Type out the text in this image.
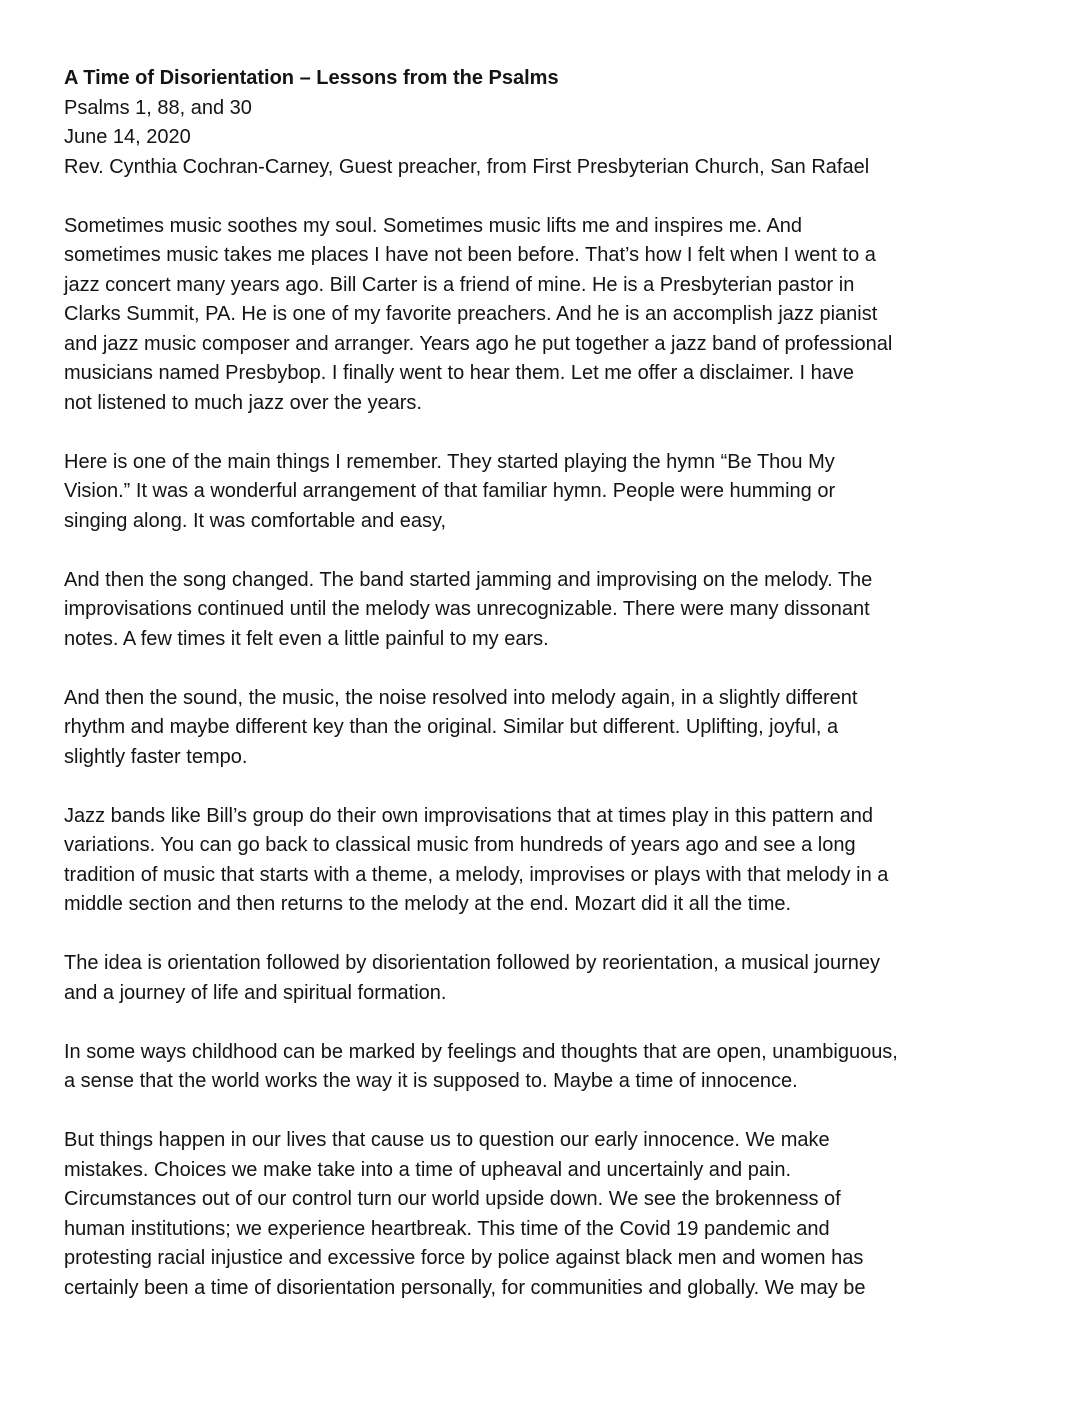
A Time of Disorientation – Lessons from the Psalms
Psalms 1, 88, and 30
June 14, 2020
Rev. Cynthia Cochran-Carney, Guest preacher, from First Presbyterian Church, San Rafael

Sometimes music soothes my soul. Sometimes music lifts me and inspires me. And
sometimes music takes me places I have not been before. That’s how I felt when I went to a
jazz concert many years ago. Bill Carter is a friend of mine. He is a Presbyterian pastor in
Clarks Summit, PA. He is one of my favorite preachers. And he is an accomplish jazz pianist
and jazz music composer and arranger. Years ago he put together a jazz band of professional
musicians named Presbybop. I finally went to hear them. Let me offer a disclaimer. I have
not listened to much jazz over the years.

Here is one of the main things I remember. They started playing the hymn “Be Thou My
Vision.” It was a wonderful arrangement of that familiar hymn. People were humming or
singing along. It was comfortable and easy,

And then the song changed. The band started jamming and improvising on the melody. The
improvisations continued until the melody was unrecognizable. There were many dissonant
notes. A few times it felt even a little painful to my ears.

And then the sound, the music, the noise resolved into melody again, in a slightly different
rhythm and maybe different key than the original. Similar but different. Uplifting, joyful, a
slightly faster tempo.

Jazz bands like Bill’s group do their own improvisations that at times play in this pattern and
variations. You can go back to classical music from hundreds of years ago and see a long
tradition of music that starts with a theme, a melody, improvises or plays with that melody in a
middle section and then returns to the melody at the end. Mozart did it all the time.

The idea is orientation followed by disorientation followed by reorientation, a musical journey
and a journey of life and spiritual formation.

In some ways childhood can be marked by feelings and thoughts that are open, unambiguous,
a sense that the world works the way it is supposed to. Maybe a time of innocence.

But things happen in our lives that cause us to question our early innocence. We make
mistakes. Choices we make take into a time of upheaval and uncertainly and pain.
Circumstances out of our control turn our world upside down. We see the brokenness of
human institutions; we experience heartbreak. This time of the Covid 19 pandemic and
protesting racial injustice and excessive force by police against black men and women has
certainly been a time of disorientation personally, for communities and globally. We may be
